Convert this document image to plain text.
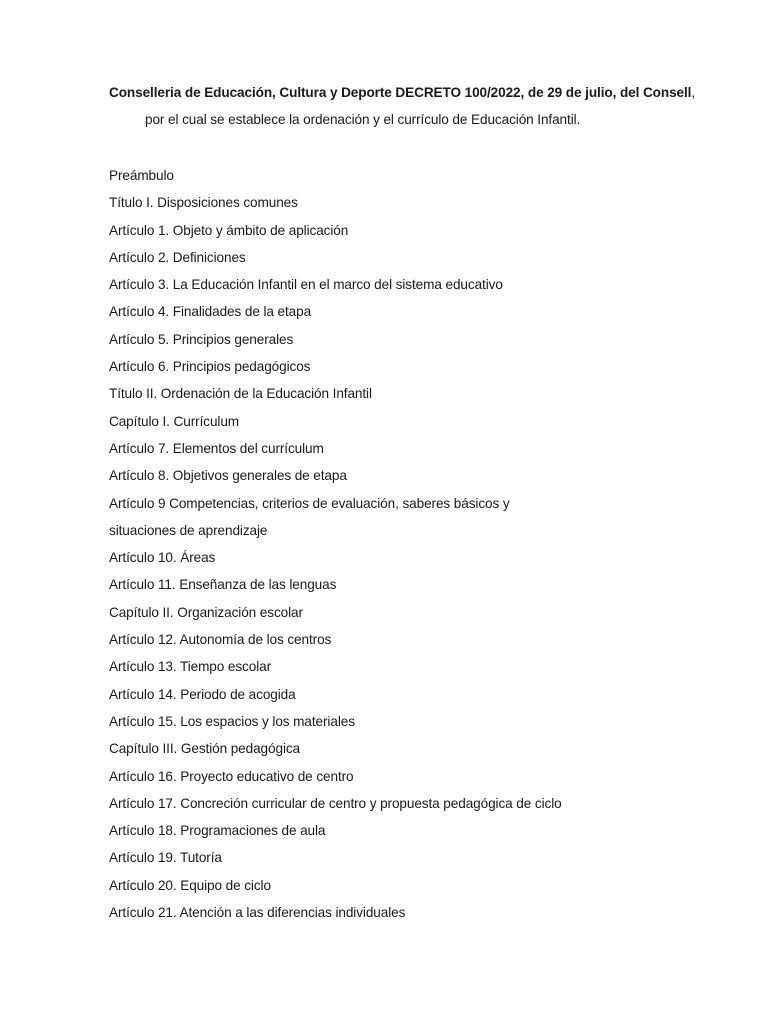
Conselleria de Educación, Cultura y Deporte DECRETO 100/2022, de 29 de julio, del Consell,
por el cual se establece la ordenación y el currículo de Educación Infantil.
Preámbulo
Título I. Disposiciones comunes
Artículo 1. Objeto y ámbito de aplicación
Artículo 2. Definiciones
Artículo 3. La Educación Infantil en el marco del sistema educativo
Artículo 4. Finalidades de la etapa
Artículo 5. Principios generales
Artículo 6. Principios pedagógicos
Título II. Ordenación de la Educación Infantil
Capítulo I. Currículum
Artículo 7. Elementos del currículum
Artículo 8. Objetivos generales de etapa
Artículo 9 Competencias, criterios de evaluación, saberes básicos y
situaciones de aprendizaje
Artículo 10. Áreas
Artículo 11. Enseñanza de las lenguas
Capítulo II. Organización escolar
Artículo 12. Autonomía de los centros
Artículo 13. Tiempo escolar
Artículo 14. Periodo de acogida
Artículo 15. Los espacios y los materiales
Capítulo III. Gestión pedagógica
Artículo 16. Proyecto educativo de centro
Artículo 17. Concreción curricular de centro y propuesta pedagógica de ciclo
Artículo 18. Programaciones de aula
Artículo 19. Tutoría
Artículo 20. Equipo de ciclo
Artículo 21. Atención a las diferencias individuales
